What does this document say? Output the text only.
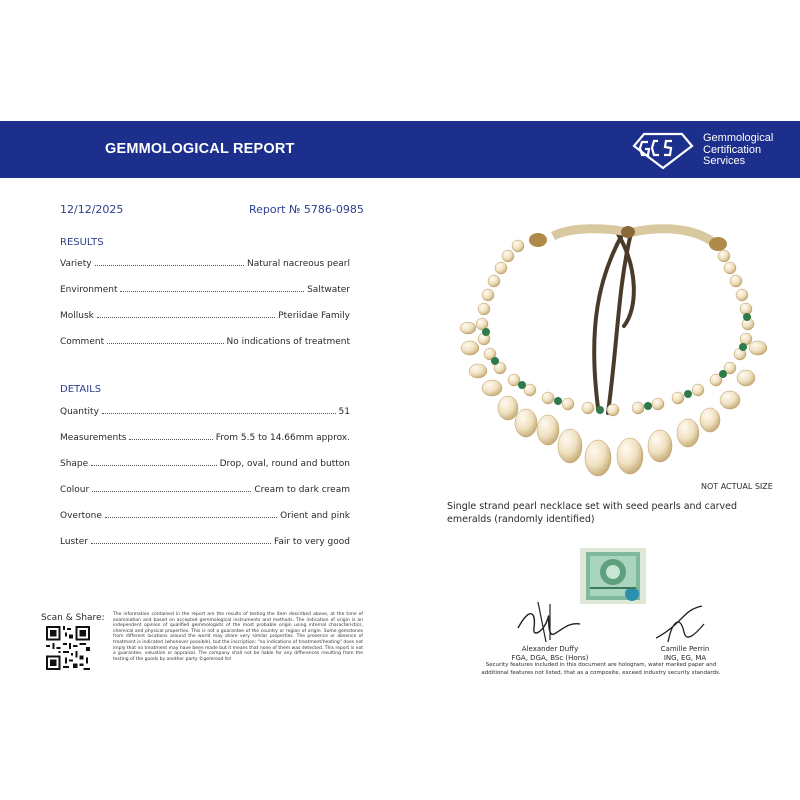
GEMMOLOGICAL REPORT
Gemmological
Certification
Services
12/12/2025	Report № 5786-0985
RESULTS
Variety	Natural nacreous pearl
Environment	Saltwater
Mollusk	Pteriidae Family
Comment	No indications of treatment
DETAILS
Quantity	51
Measurements	From 5.5 to 14.66mm approx.
Shape	Drop, oval, round and button
Colour	Cream to dark cream
Overtone	Orient and pink
Luster	Fair to very good
Scan & Share: The information contained in the report are the results of testing the item described above, at the time of examination and based on accepted gemmological instruments and methods. The indication of origin is an independent opinion of qualified gemmologists of the most probable origin using internal characteristics, chemical and physical properties. This is not a guarantee of the country or region of origin. Some gemstones from different locations around the world may share very similar properties. The presence or absence of treatment is indicated (whenever possible), but the inscription: "no indications of treatment/heating" does not imply that no treatment may have been made but it means that none of them was detected. This report is not a guarantee, valuation or appraisal. The company shall not be liable for any differences resulting from the testing of the goods by another party ©gemroad ltd
NOT ACTUAL SIZE
Single strand pearl necklace set with seed pearls and carved emeralds (randomly identified)
Alexander Duffy
FGA, DGA, BSc (Hons)
Camille Perrin
ING, EG, MA
Security features included in this document are hologram, water marked paper and additional features not listed, that as a composite, exceed industry security standards.
